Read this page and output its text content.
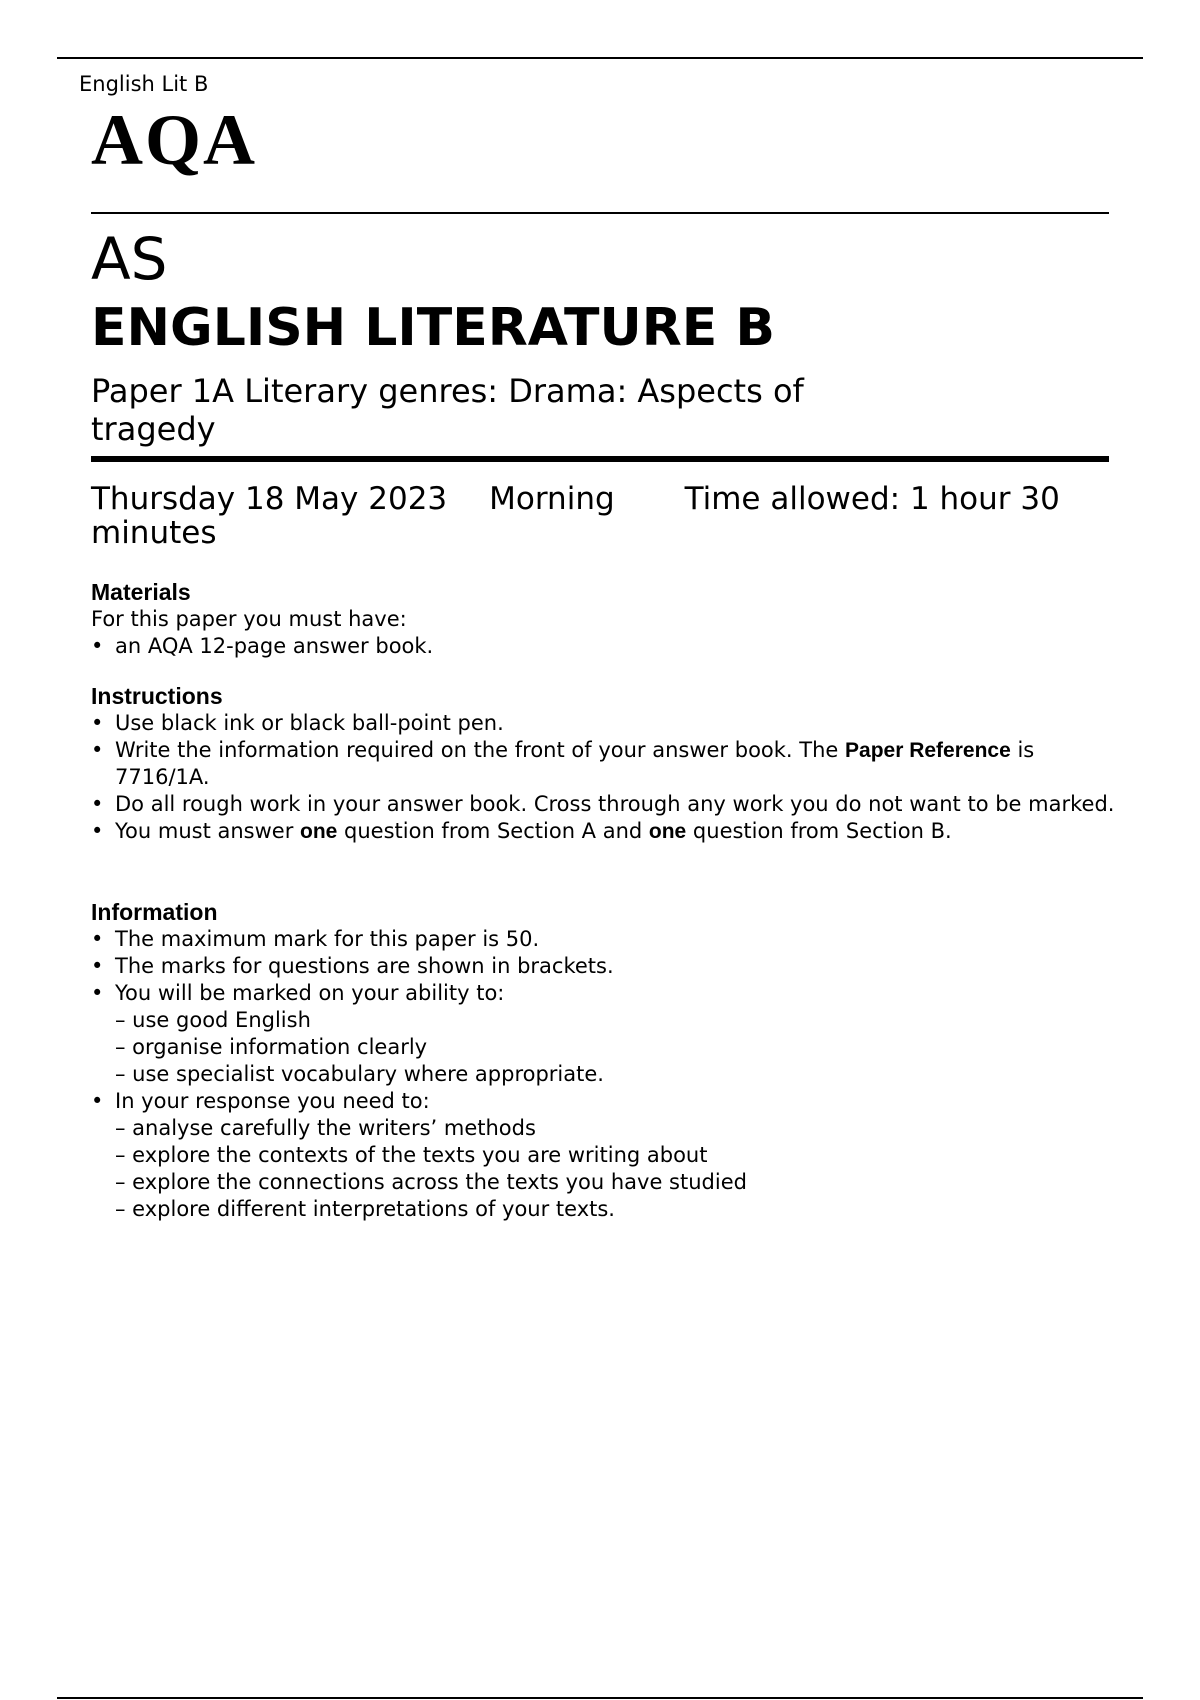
English Lit B
AQA
AS
ENGLISH LITERATURE B
Paper 1A Literary genres: Drama: Aspects of tragedy
Thursday 18 May 2023 Morning Time allowed: 1 hour 30 minutes
Materials

For this paper you must have:

• an AQA 12-page answer book.
Instructions
• Use black ink or black ball-point pen.
• Write the information required on the front of your answer book. The Paper Reference is 7716/1A.
• Do all rough work in your answer book. Cross through any work you do not want to be marked.
• You must answer one question from Section A and one question from Section B.
Information
• The maximum mark for this paper is 50.
• The marks for questions are shown in brackets.
• You will be marked on your ability to:
– use good English
– organise information clearly
– use specialist vocabulary where appropriate.
• In your response you need to:
– analyse carefully the writers’ methods
– explore the contexts of the texts you are writing about
– explore the connections across the texts you have studied
– explore different interpretations of your texts.
